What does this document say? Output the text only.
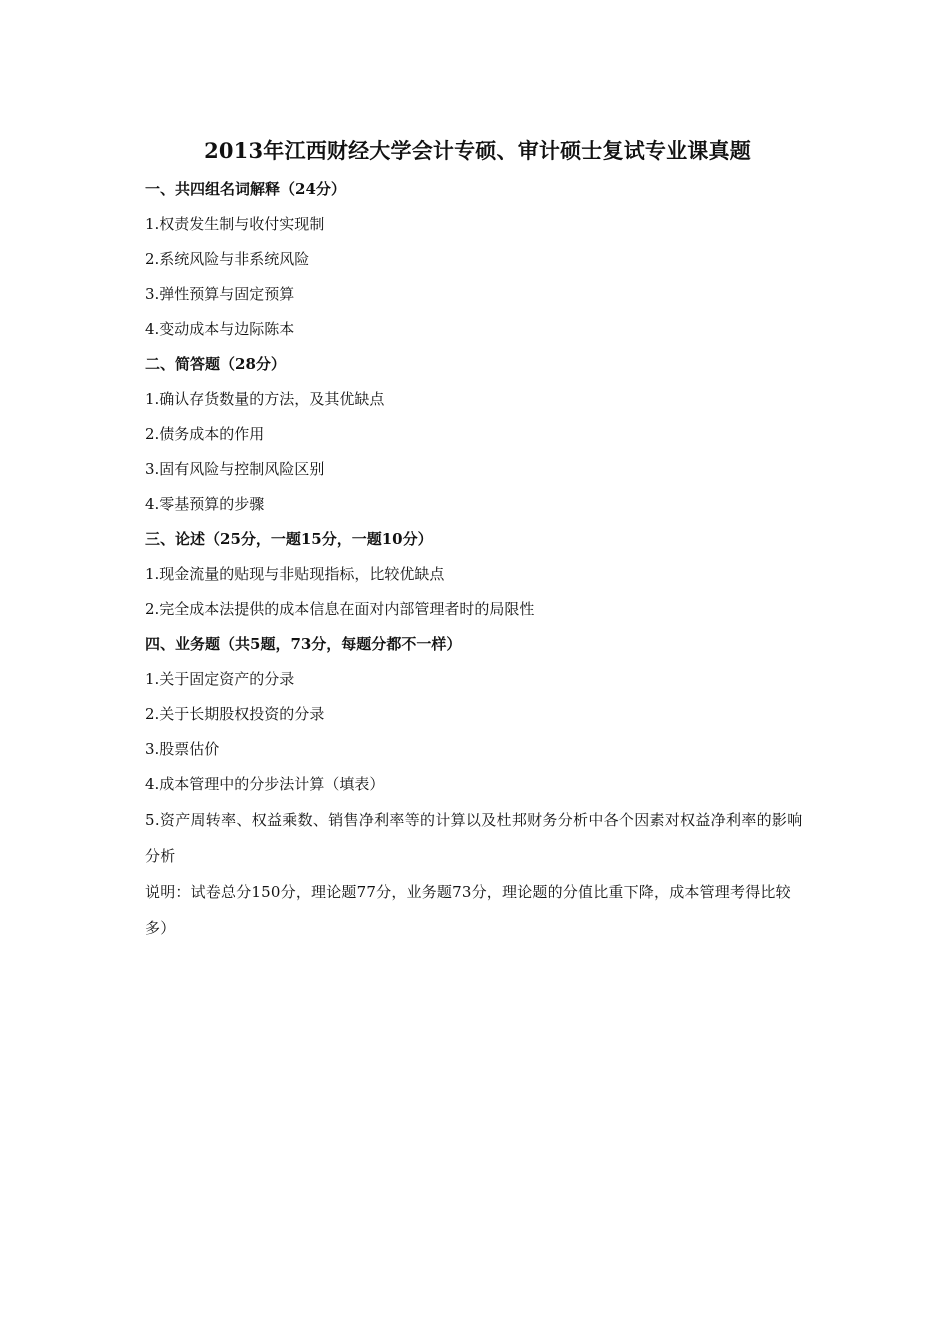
2013年江西财经大学会计专硕、审计硕士复试专业课真题
一、共四组名词解释（24分）
1.权责发生制与收付实现制
2.系统风险与非系统风险
3.弹性预算与固定预算
4.变动成本与边际陈本
二、简答题（28分）
1.确认存货数量的方法，及其优缺点
2.债务成本的作用
3.固有风险与控制风险区别
4.零基预算的步骤
三、论述（25分，一题15分，一题10分）
1.现金流量的贴现与非贴现指标，比较优缺点
2.完全成本法提供的成本信息在面对内部管理者时的局限性
四、业务题（共5题，73分，每题分都不一样）
1.关于固定资产的分录
2.关于长期股权投资的分录
3.股票估价
4.成本管理中的分步法计算（填表）
5.资产周转率、权益乘数、销售净利率等的计算以及杜邦财务分析中各个因素对权益净利率的影响分析
说明：试卷总分150分，理论题77分，业务题73分，理论题的分值比重下降，成本管理考得比较多）
